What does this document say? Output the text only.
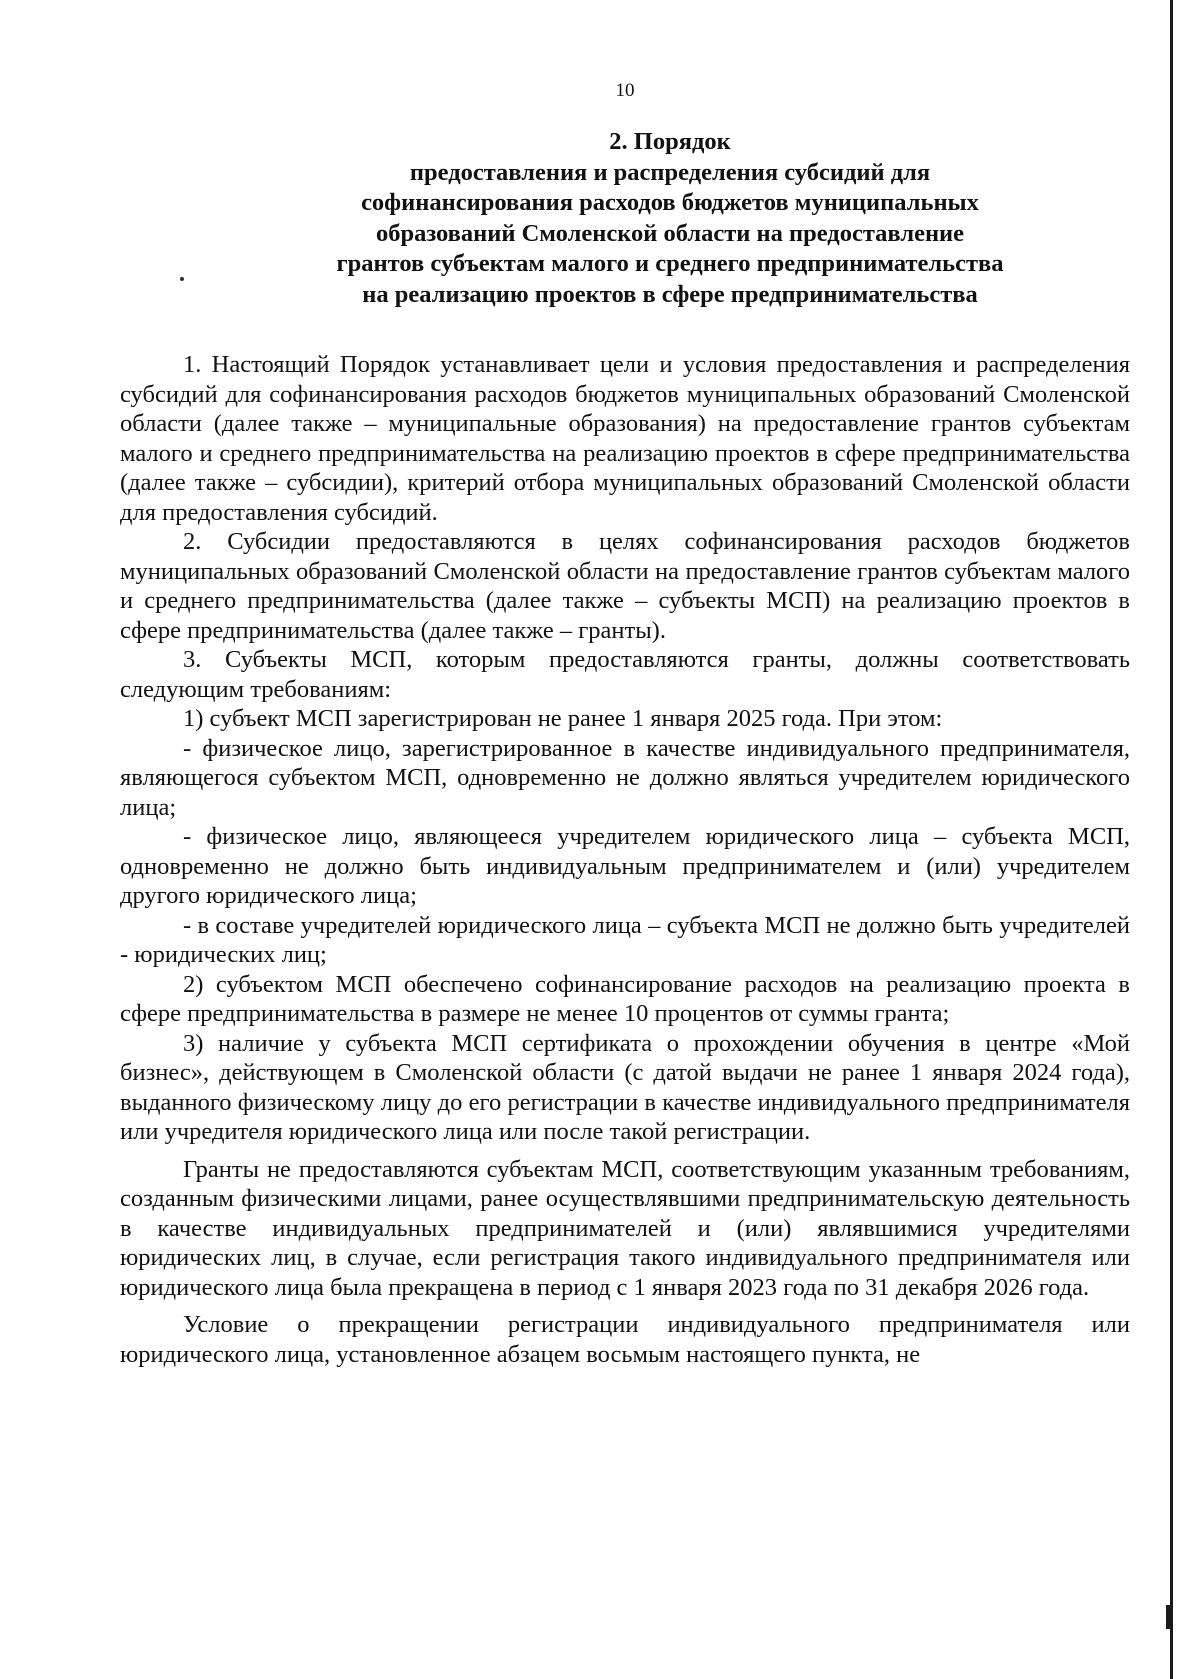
10
2. Порядок
предоставления и распределения субсидий для
софинансирования расходов бюджетов муниципальных
образований Смоленской области на предоставление
грантов субъектам малого и среднего предпринимательства
на реализацию проектов в сфере предпринимательства

1. Настоящий Порядок устанавливает цели и условия предоставления и распределения субсидий для софинансирования расходов бюджетов муниципальных образований Смоленской области (далее также – муниципальные образования) на предоставление грантов субъектам малого и среднего предпринимательства на реализацию проектов в сфере предпринимательства (далее также – субсидии), критерий отбора муниципальных образований Смоленской области для предоставления субсидий.

2. Субсидии предоставляются в целях софинансирования расходов бюджетов муниципальных образований Смоленской области на предоставление грантов субъектам малого и среднего предпринимательства (далее также – субъекты МСП) на реализацию проектов в сфере предпринимательства (далее также – гранты).

3. Субъекты МСП, которым предоставляются гранты, должны соответствовать следующим требованиям:

1) субъект МСП зарегистрирован не ранее 1 января 2025 года. При этом:

- физическое лицо, зарегистрированное в качестве индивидуального предпринимателя, являющегося субъектом МСП, одновременно не должно являться учредителем юридического лица;

- физическое лицо, являющееся учредителем юридического лица – субъекта МСП, одновременно не должно быть индивидуальным предпринимателем и (или) учредителем другого юридического лица;

- в составе учредителей юридического лица – субъекта МСП не должно быть учредителей - юридических лиц;

2) субъектом МСП обеспечено софинансирование расходов на реализацию проекта в сфере предпринимательства в размере не менее 10 процентов от суммы гранта;

3) наличие у субъекта МСП сертификата о прохождении обучения в центре «Мой бизнес», действующем в Смоленской области (с датой выдачи не ранее 1 января 2024 года), выданного физическому лицу до его регистрации в качестве индивидуального предпринимателя или учредителя юридического лица или после такой регистрации.

Гранты не предоставляются субъектам МСП, соответствующим указанным требованиям, созданным физическими лицами, ранее осуществлявшими предпринимательскую деятельность в качестве индивидуальных предпринимателей и (или) являвшимися учредителями юридических лиц, в случае, если регистрация такого индивидуального предпринимателя или юридического лица была прекращена в период с 1 января 2023 года по 31 декабря 2026 года.

Условие о прекращении регистрации индивидуального предпринимателя или юридического лица, установленное абзацем восьмым настоящего пункта, не
